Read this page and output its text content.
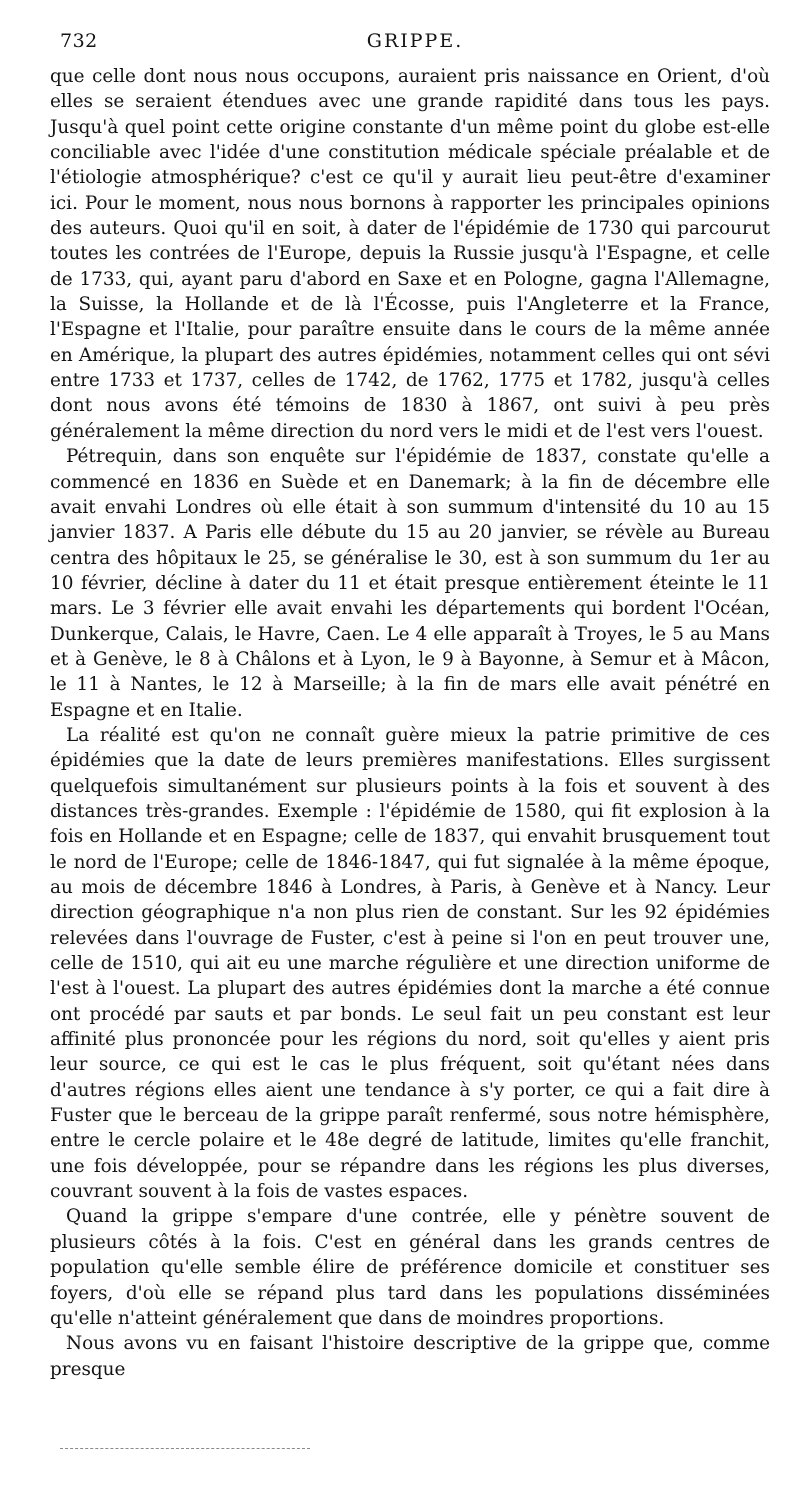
732	GRIPPE.

que celle dont nous nous occupons, auraient pris naissance en Orient, d'où elles se seraient étendues avec une grande rapidité dans tous les pays. Jusqu'à quel point cette origine constante d'un même point du globe est-elle conciliable avec l'idée d'une constitution médicale spéciale préalable et de l'étiologie atmosphérique? c'est ce qu'il y aurait lieu peut-être d'examiner ici. Pour le moment, nous nous bornons à rapporter les principales opinions des auteurs. Quoi qu'il en soit, à dater de l'épidémie de 1730 qui parcourut toutes les contrées de l'Europe, depuis la Russie jusqu'à l'Espagne, et celle de 1733, qui, ayant paru d'abord en Saxe et en Pologne, gagna l'Allemagne, la Suisse, la Hollande et de là l'Écosse, puis l'Angleterre et la France, l'Espagne et l'Italie, pour paraître ensuite dans le cours de la même année en Amérique, la plupart des autres épidémies, notamment celles qui ont sévi entre 1733 et 1737, celles de 1742, de 1762, 1775 et 1782, jusqu'à celles dont nous avons été témoins de 1830 à 1867, ont suivi à peu près généralement la même direction du nord vers le midi et de l'est vers l'ouest.

Pétrequin, dans son enquête sur l'épidémie de 1837, constate qu'elle a commencé en 1836 en Suède et en Danemark; à la fin de décembre elle avait envahi Londres où elle était à son summum d'intensité du 10 au 15 janvier 1837. A Paris elle débute du 15 au 20 janvier, se révèle au Bureau centra des hôpitaux le 25, se généralise le 30, est à son summum du 1er au 10 février, décline à dater du 11 et était presque entièrement éteinte le 11 mars. Le 3 février elle avait envahi les départements qui bordent l'Océan, Dunkerque, Calais, le Havre, Caen. Le 4 elle apparaît à Troyes, le 5 au Mans et à Genève, le 8 à Châlons et à Lyon, le 9 à Bayonne, à Semur et à Mâcon, le 11 à Nantes, le 12 à Marseille; à la fin de mars elle avait pénétré en Espagne et en Italie.

La réalité est qu'on ne connaît guère mieux la patrie primitive de ces épidémies que la date de leurs premières manifestations. Elles surgissent quelquefois simultanément sur plusieurs points à la fois et souvent à des distances très-grandes. Exemple : l'épidémie de 1580, qui fit explosion à la fois en Hollande et en Espagne; celle de 1837, qui envahit brusquement tout le nord de l'Europe; celle de 1846-1847, qui fut signalée à la même époque, au mois de décembre 1846 à Londres, à Paris, à Genève et à Nancy. Leur direction géographique n'a non plus rien de constant. Sur les 92 épidémies relevées dans l'ouvrage de Fuster, c'est à peine si l'on en peut trouver une, celle de 1510, qui ait eu une marche régulière et une direction uniforme de l'est à l'ouest. La plupart des autres épidémies dont la marche a été connue ont procédé par sauts et par bonds. Le seul fait un peu constant est leur affinité plus prononcée pour les régions du nord, soit qu'elles y aient pris leur source, ce qui est le cas le plus fréquent, soit qu'étant nées dans d'autres régions elles aient une tendance à s'y porter, ce qui a fait dire à Fuster que le berceau de la grippe paraît renfermé, sous notre hémisphère, entre le cercle polaire et le 48e degré de latitude, limites qu'elle franchit, une fois développée, pour se répandre dans les régions les plus diverses, couvrant souvent à la fois de vastes espaces.

Quand la grippe s'empare d'une contrée, elle y pénètre souvent de plusieurs côtés à la fois. C'est en général dans les grands centres de population qu'elle semble élire de préférence domicile et constituer ses foyers, d'où elle se répand plus tard dans les populations disséminées qu'elle n'atteint généralement que dans de moindres proportions.

Nous avons vu en faisant l'histoire descriptive de la grippe que, comme presque
